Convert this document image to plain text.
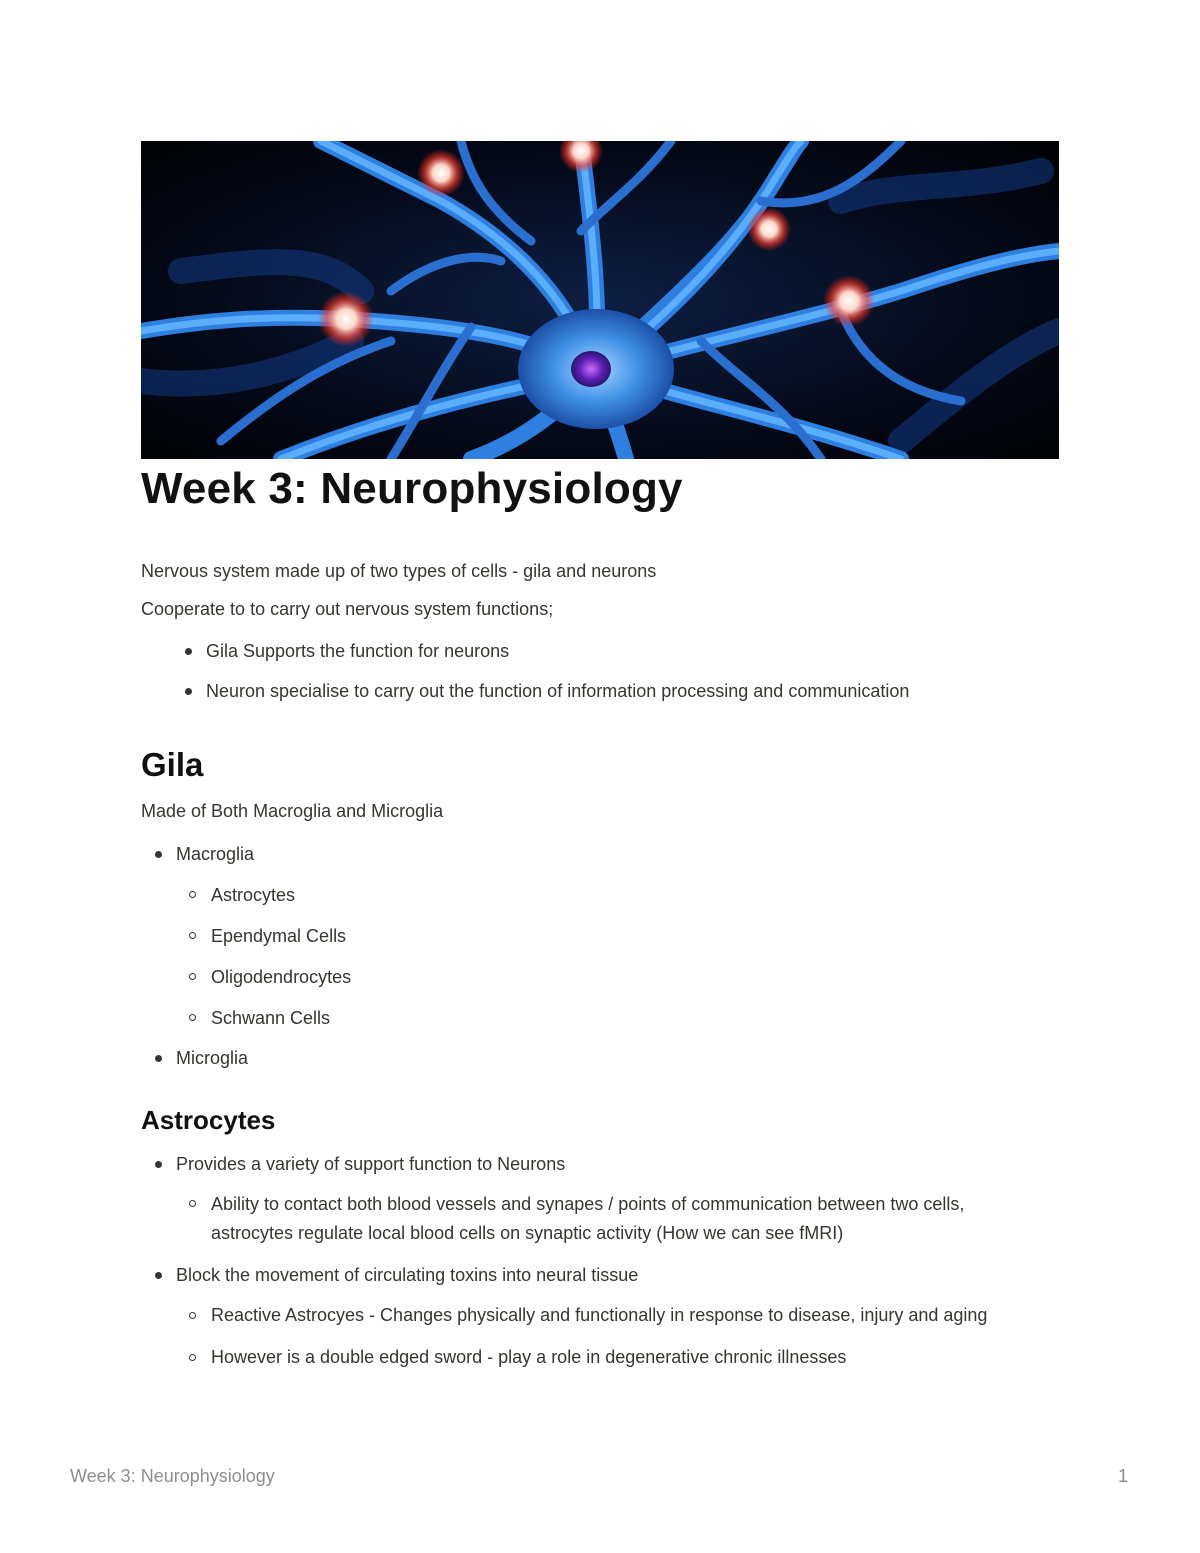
Week 3: Neurophysiology

Nervous system made up of two types of cells - gila and neurons

Cooperate to to carry out nervous system functions;

Gila Supports the function for neurons

Neuron specialise to carry out the function of information processing and communication

Gila

Made of Both Macroglia and Microglia

Macroglia

Astrocytes

Ependymal Cells

Oligodendrocytes

Schwann Cells

Microglia

Astrocytes

Provides a variety of support function to Neurons

Ability to contact both blood vessels and synapes / points of communication between two cells,

astrocytes regulate local blood cells on synaptic activity (How we can see fMRI)

Block the movement of circulating toxins into neural tissue

Reactive Astrocyes - Changes physically and functionally in response to disease, injury and aging

However is a double edged sword - play a role in degenerative chronic illnesses

Week 3: Neurophysiology	1
